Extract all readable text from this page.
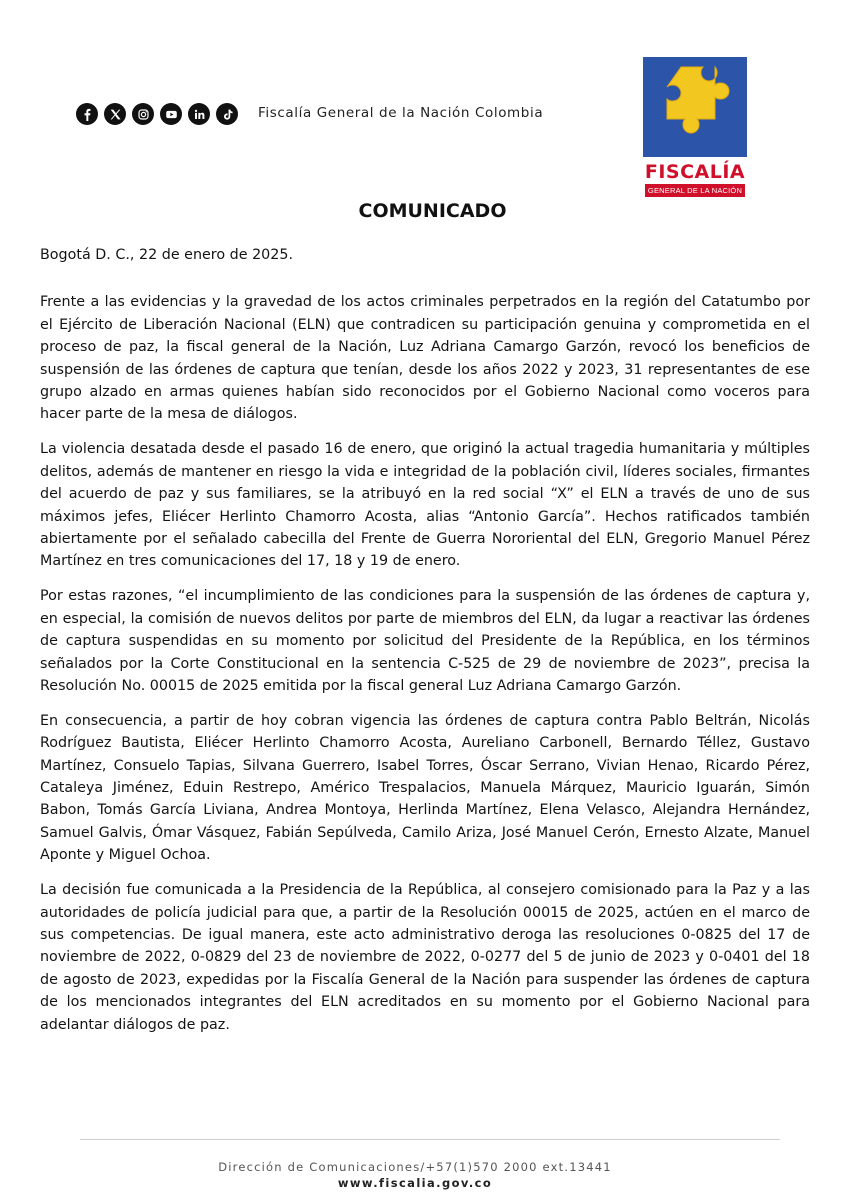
Fiscalía General de la Nación Colombia
FISCALÍA
GENERAL DE LA NACIÓN
COMUNICADO

Bogotá D. C., 22 de enero de 2025.

Frente a las evidencias y la gravedad de los actos criminales perpetrados en la región del Catatumbo por el Ejército de Liberación Nacional (ELN) que contradicen su participación genuina y comprometida en el proceso de paz, la fiscal general de la Nación, Luz Adriana Camargo Garzón, revocó los beneficios de suspensión de las órdenes de captura que tenían, desde los años 2022 y 2023, 31 representantes de ese grupo alzado en armas quienes habían sido reconocidos por el Gobierno Nacional como voceros para hacer parte de la mesa de diálogos.

La violencia desatada desde el pasado 16 de enero, que originó la actual tragedia humanitaria y múltiples delitos, además de mantener en riesgo la vida e integridad de la población civil, líderes sociales, firmantes del acuerdo de paz y sus familiares, se la atribuyó en la red social “X” el ELN a través de uno de sus máximos jefes, Eliécer Herlinto Chamorro Acosta, alias “Antonio García”. Hechos ratificados también abiertamente por el señalado cabecilla del Frente de Guerra Nororiental del ELN, Gregorio Manuel Pérez Martínez en tres comunicaciones del 17, 18 y 19 de enero.

Por estas razones, “el incumplimiento de las condiciones para la suspensión de las órdenes de captura y, en especial, la comisión de nuevos delitos por parte de miembros del ELN, da lugar a reactivar las órdenes de captura suspendidas en su momento por solicitud del Presidente de la República, en los términos señalados por la Corte Constitucional en la sentencia C-525 de 29 de noviembre de 2023”, precisa la Resolución No. 00015 de 2025 emitida por la fiscal general Luz Adriana Camargo Garzón.

En consecuencia, a partir de hoy cobran vigencia las órdenes de captura contra Pablo Beltrán, Nicolás Rodríguez Bautista, Eliécer Herlinto Chamorro Acosta, Aureliano Carbonell, Bernardo Téllez, Gustavo Martínez, Consuelo Tapias, Silvana Guerrero, Isabel Torres, Óscar Serrano, Vivian Henao, Ricardo Pérez, Cataleya Jiménez, Eduin Restrepo, Américo Trespalacios, Manuela Márquez, Mauricio Iguarán, Simón Babon, Tomás García Liviana, Andrea Montoya, Herlinda Martínez, Elena Velasco, Alejandra Hernández, Samuel Galvis, Ómar Vásquez, Fabián Sepúlveda, Camilo Ariza, José Manuel Cerón, Ernesto Alzate, Manuel Aponte y Miguel Ochoa.

La decisión fue comunicada a la Presidencia de la República, al consejero comisionado para la Paz y a las autoridades de policía judicial para que, a partir de la Resolución 00015 de 2025, actúen en el marco de sus competencias. De igual manera, este acto administrativo deroga las resoluciones 0-0825 del 17 de noviembre de 2022, 0-0829 del 23 de noviembre de 2022, 0-0277 del 5 de junio de 2023 y 0-0401 del 18 de agosto de 2023, expedidas por la Fiscalía General de la Nación para suspender las órdenes de captura de los mencionados integrantes del ELN acreditados en su momento por el Gobierno Nacional para adelantar diálogos de paz.

Dirección de Comunicaciones/+57(1)570 2000 ext.13441
www.fiscalia.gov.co
